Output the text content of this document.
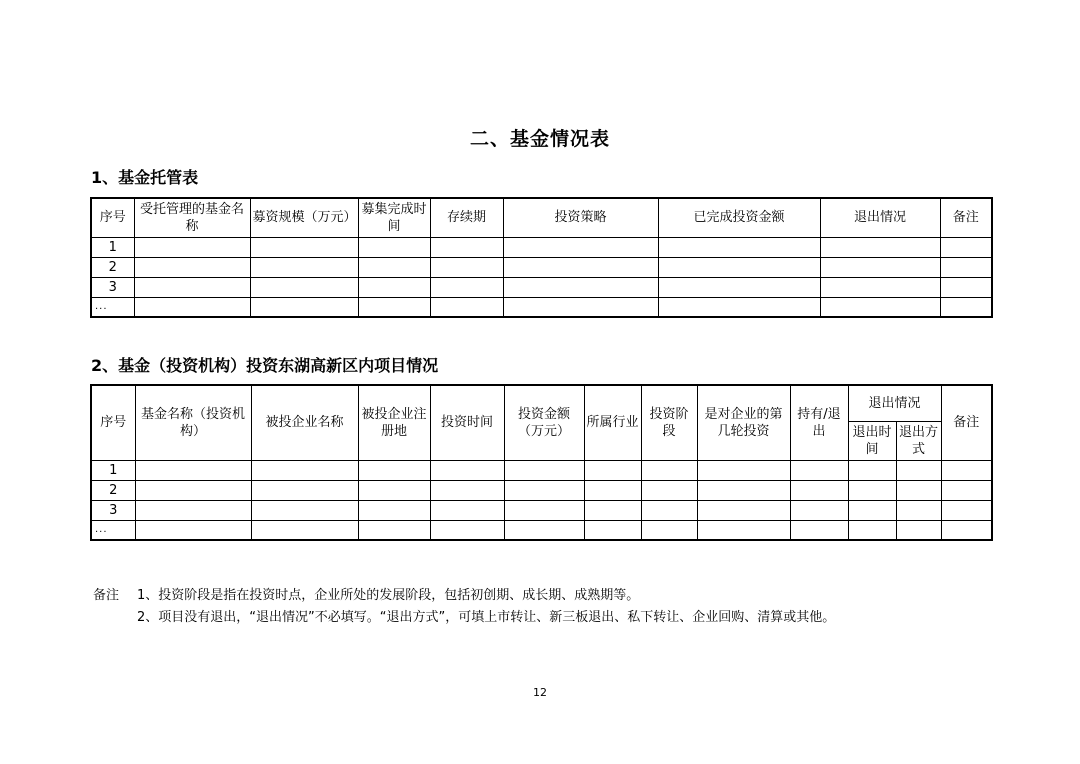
二、基金情况表
1、基金托管表
序号	受托管理的基金名称	募资规模（万元）	募集完成时间	存续期	投资策略	已完成投资金额	退出情况	备注
1								
2								
3								
...								
2、基金（投资机构）投资东湖高新区内项目情况
序号	基金名称（投资机构）	被投企业名称	被投企业注册地	投资时间	投资金额（万元）	所属行业	投资阶段	是对企业的第几轮投资	持有/退出	退出情况		备注
										退出时间	退出方式	
1												
2												
3												
...												
备注 1、投资阶段是指在投资时点，企业所处的发展阶段，包括初创期、成长期、成熟期等。
2、项目没有退出，“退出情况”不必填写。“退出方式”，可填上市转让、新三板退出、私下转让、企业回购、清算或其他。
12
